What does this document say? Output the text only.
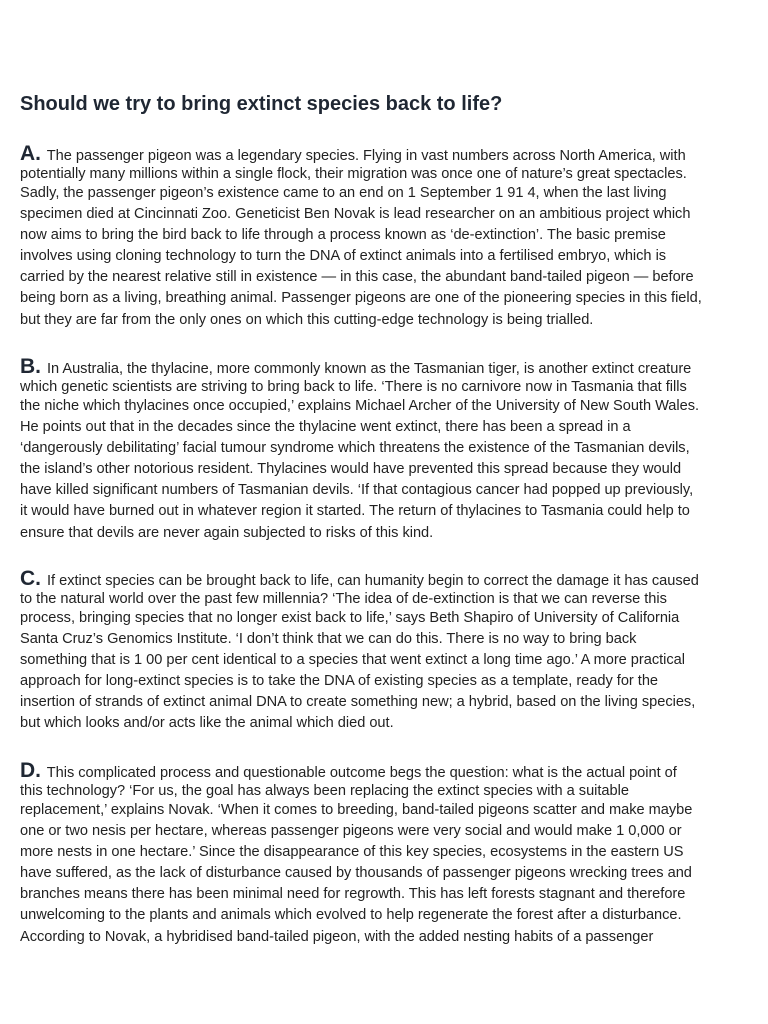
Should we try to bring extinct species back to life?
A. The passenger pigeon was a legendary species. Flying in vast numbers across North America, with
potentially many millions within a single flock, their migration was once one of nature’s great spectacles.
Sadly, the passenger pigeon’s existence came to an end on 1 September 1 91 4, when the last living
specimen died at Cincinnati Zoo. Geneticist Ben Novak is lead researcher on an ambitious project which
now aims to bring the bird back to life through a process known as ‘de-extinction’. The basic premise
involves using cloning technology to turn the DNA of extinct animals into a fertilised embryo, which is
carried by the nearest relative still in existence — in this case, the abundant band-tailed pigeon — before
being born as a living, breathing animal. Passenger pigeons are one of the pioneering species in this field,
but they are far from the only ones on which this cutting-edge technology is being trialled.
B. In Australia, the thylacine, more commonly known as the Tasmanian tiger, is another extinct creature
which genetic scientists are striving to bring back to life. ‘There is no carnivore now in Tasmania that fills
the niche which thylacines once occupied,’ explains Michael Archer of the University of New South Wales.
He points out that in the decades since the thylacine went extinct, there has been a spread in a
‘dangerously debilitating’ facial tumour syndrome which threatens the existence of the Tasmanian devils,
the island’s other notorious resident. Thylacines would have prevented this spread because they would
have killed significant numbers of Tasmanian devils. ‘If that contagious cancer had popped up previously,
it would have burned out in whatever region it started. The return of thylacines to Tasmania could help to
ensure that devils are never again subjected to risks of this kind.
C. If extinct species can be brought back to life, can humanity begin to correct the damage it has caused
to the natural world over the past few millennia? ‘The idea of de-extinction is that we can reverse this
process, bringing species that no longer exist back to life,’ says Beth Shapiro of University of California
Santa Cruz’s Genomics Institute. ‘I don’t think that we can do this. There is no way to bring back
something that is 1 00 per cent identical to a species that went extinct a long time ago.’ A more practical
approach for long-extinct species is to take the DNA of existing species as a template, ready for the
insertion of strands of extinct animal DNA to create something new; a hybrid, based on the living species,
but which looks and/or acts like the animal which died out.
D. This complicated process and questionable outcome begs the question: what is the actual point of
this technology? ‘For us, the goal has always been replacing the extinct species with a suitable
replacement,’ explains Novak. ‘When it comes to breeding, band-tailed pigeons scatter and make maybe
one or two nesis per hectare, whereas passenger pigeons were very social and would make 1 0,000 or
more nests in one hectare.’ Since the disappearance of this key species, ecosystems in the eastern US
have suffered, as the lack of disturbance caused by thousands of passenger pigeons wrecking trees and
branches means there has been minimal need for regrowth. This has left forests stagnant and therefore
unwelcoming to the plants and animals which evolved to help regenerate the forest after a disturbance.
According to Novak, a hybridised band-tailed pigeon, with the added nesting habits of a passenger
